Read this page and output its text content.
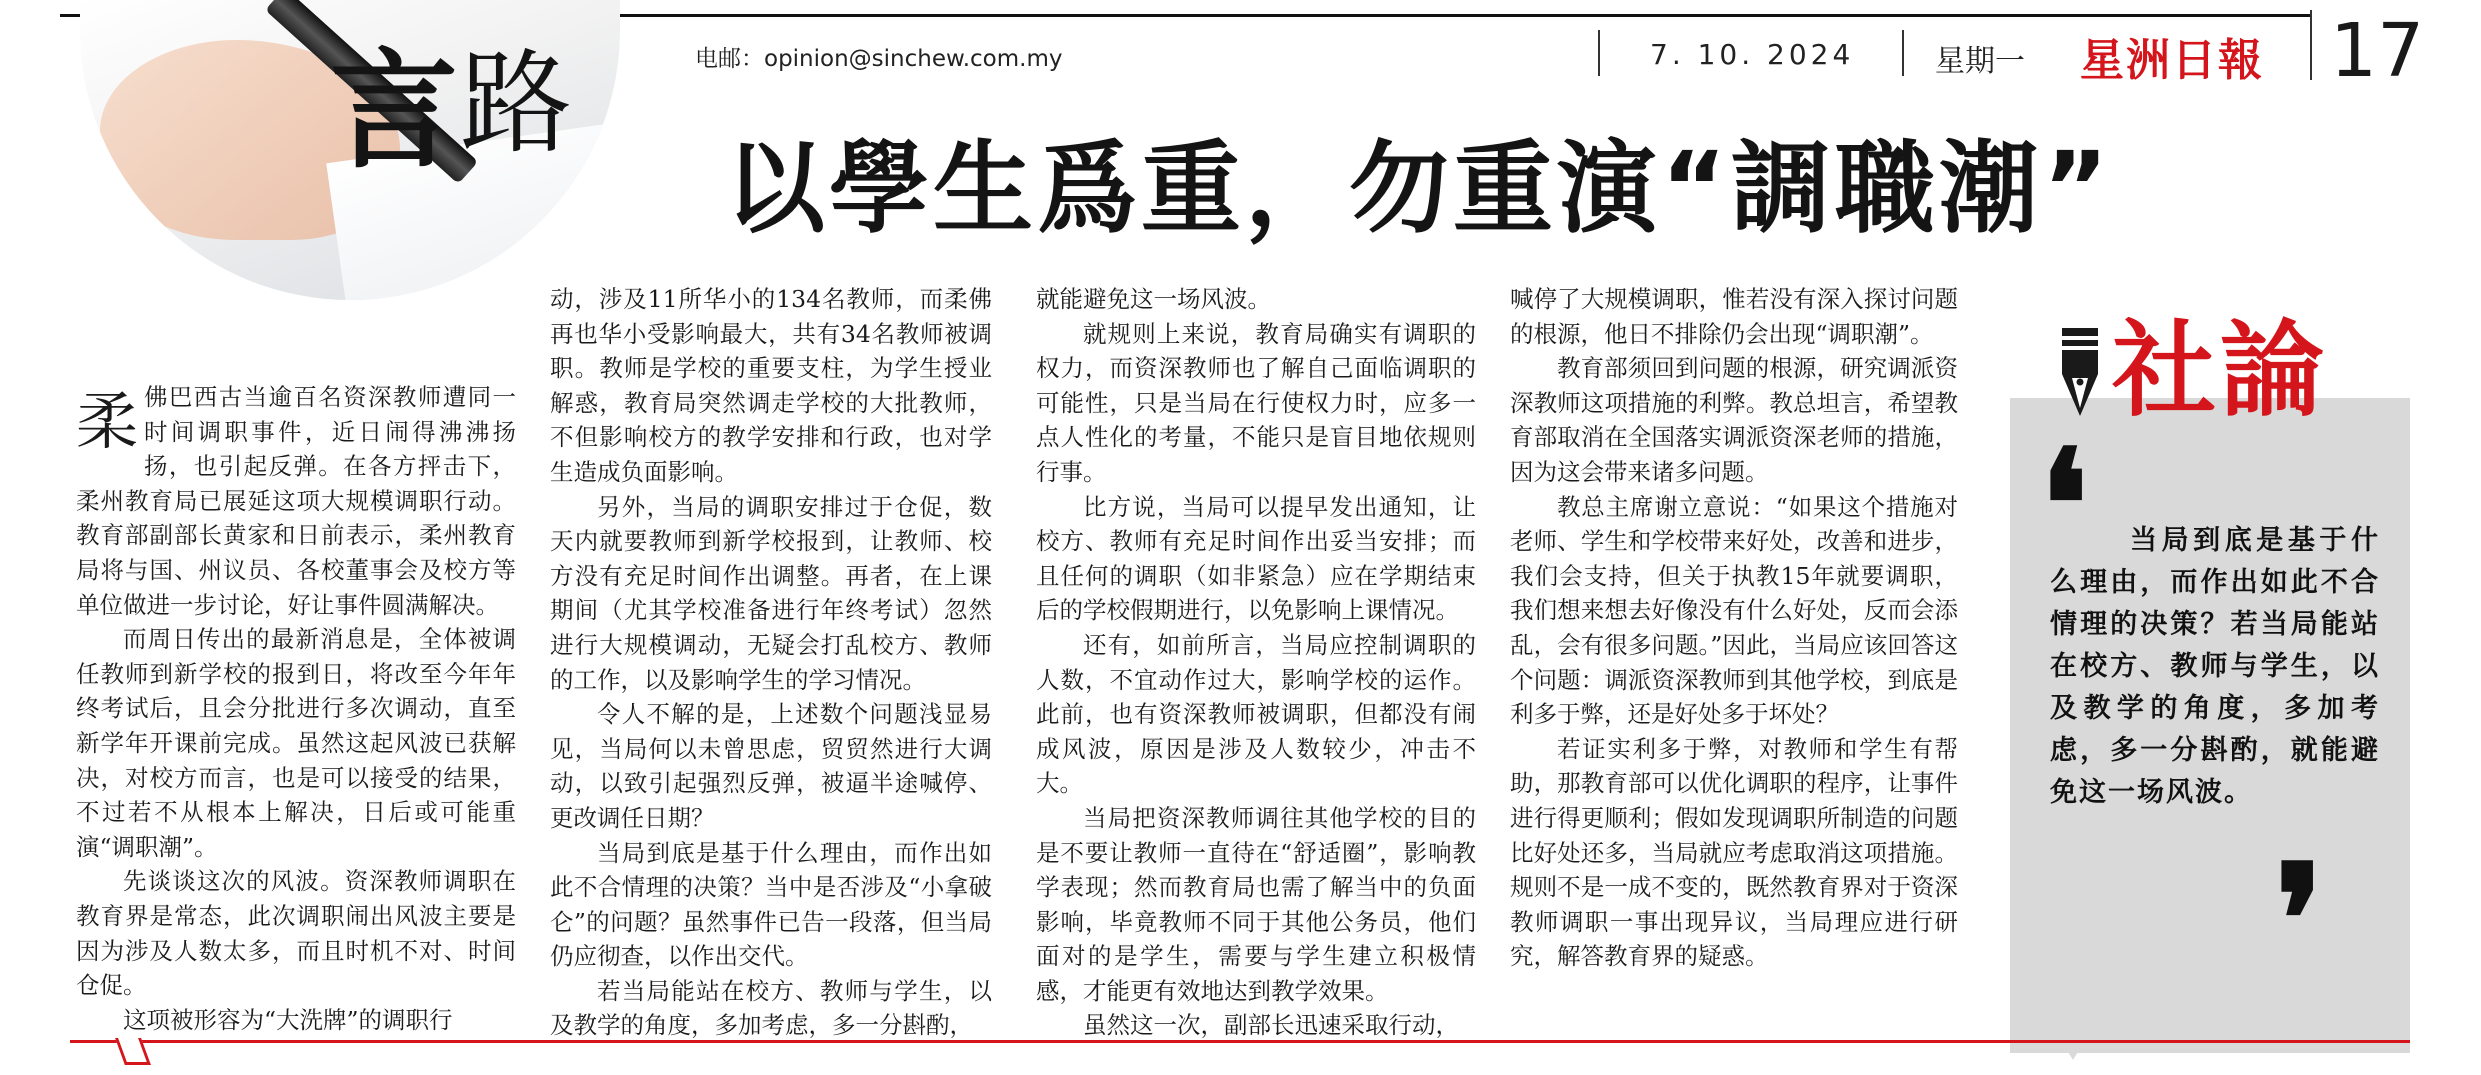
言 路	电邮：opinion@sinchew.com.my	7. 10. 2024	星期一 星洲日報 17
以學生爲重，勿重演“調職潮”

柔佛巴西古当逾百名资深教师遭同一时间调职事件，近日闹得沸沸扬扬，也引起反弹。在各方抨击下，柔州教育局已展延这项大规模调职行动。教育部副部长黄家和日前表示，柔州教育局将与国、州议员、各校董事会及校方等单位做进一步讨论，好让事件圆满解决。

而周日传出的最新消息是，全体被调任教师到新学校的报到日，将改至今年年终考试后，且会分批进行多次调动，直至新学年开课前完成。虽然这起风波已获解决，对校方而言，也是可以接受的结果，不过若不从根本上解决，日后或可能重演“调职潮”。

先谈谈这次的风波。资深教师调职在教育界是常态，此次调职闹出风波主要是因为涉及人数太多，而且时机不对、时间仓促。

这项被形容为“大洗牌”的调职行

动，涉及11所华小的134名教师，而柔佛再也华小受影响最大，共有34名教师被调职。教师是学校的重要支柱，为学生授业解惑，教育局突然调走学校的大批教师，不但影响校方的教学安排和行政，也对学生造成负面影响。

另外，当局的调职安排过于仓促，数天内就要教师到新学校报到，让教师、校方没有充足时间作出调整。再者，在上课期间（尤其学校准备进行年终考试）忽然进行大规模调动，无疑会打乱校方、教师的工作，以及影响学生的学习情况。

令人不解的是，上述数个问题浅显易见，当局何以未曾思虑，贸贸然进行大调动，以致引起强烈反弹，被逼半途喊停、更改调任日期？

当局到底是基于什么理由，而作出如此不合情理的决策？当中是否涉及“小拿破仑”的问题？虽然事件已告一段落，但当局仍应彻查，以作出交代。

若当局能站在校方、教师与学生，以及教学的角度，多加考虑，多一分斟酌，

就能避免这一场风波。

就规则上来说，教育局确实有调职的权力，而资深教师也了解自己面临调职的可能性，只是当局在行使权力时，应多一点人性化的考量，不能只是盲目地依规则行事。

比方说，当局可以提早发出通知，让校方、教师有充足时间作出妥当安排；而且任何的调职（如非紧急）应在学期结束后的学校假期进行，以免影响上课情况。

还有，如前所言，当局应控制调职的人数，不宜动作过大，影响学校的运作。此前，也有资深教师被调职，但都没有闹成风波，原因是涉及人数较少，冲击不大。

当局把资深教师调往其他学校的目的是不要让教师一直待在“舒适圈”，影响教学表现；然而教育局也需了解当中的负面影响，毕竟教师不同于其他公务员，他们面对的是学生，需要与学生建立积极情感，才能更有效地达到教学效果。

虽然这一次，副部长迅速采取行动，

喊停了大规模调职，惟若没有深入探讨问题的根源，他日不排除仍会出现“调职潮”。

教育部须回到问题的根源，研究调派资深教师这项措施的利弊。教总坦言，希望教育部取消在全国落实调派资深老师的措施，因为这会带来诸多问题。

教总主席谢立意说：“如果这个措施对老师、学生和学校带来好处，改善和进步，我们会支持，但关于执教15年就要调职，我们想来想去好像没有什么好处，反而会添乱，会有很多问题。”因此，当局应该回答这个问题：调派资深教师到其他学校，到底是利多于弊，还是好处多于坏处？

若证实利多于弊，对教师和学生有帮助，那教育部可以优化调职的程序，让事件进行得更顺利；假如发现调职所制造的问题比好处还多，当局就应考虑取消这项措施。规则不是一成不变的，既然教育界对于资深教师调职一事出现异议，当局理应进行研究，解答教育界的疑惑。

社論
❛	当局到底是基于什么理由，而作出如此不合情理的决策？若当局能站在校方、教师与学生，以及教学的角度，多加考虑，多一分斟酌，就能避免这一场风波。
❜
